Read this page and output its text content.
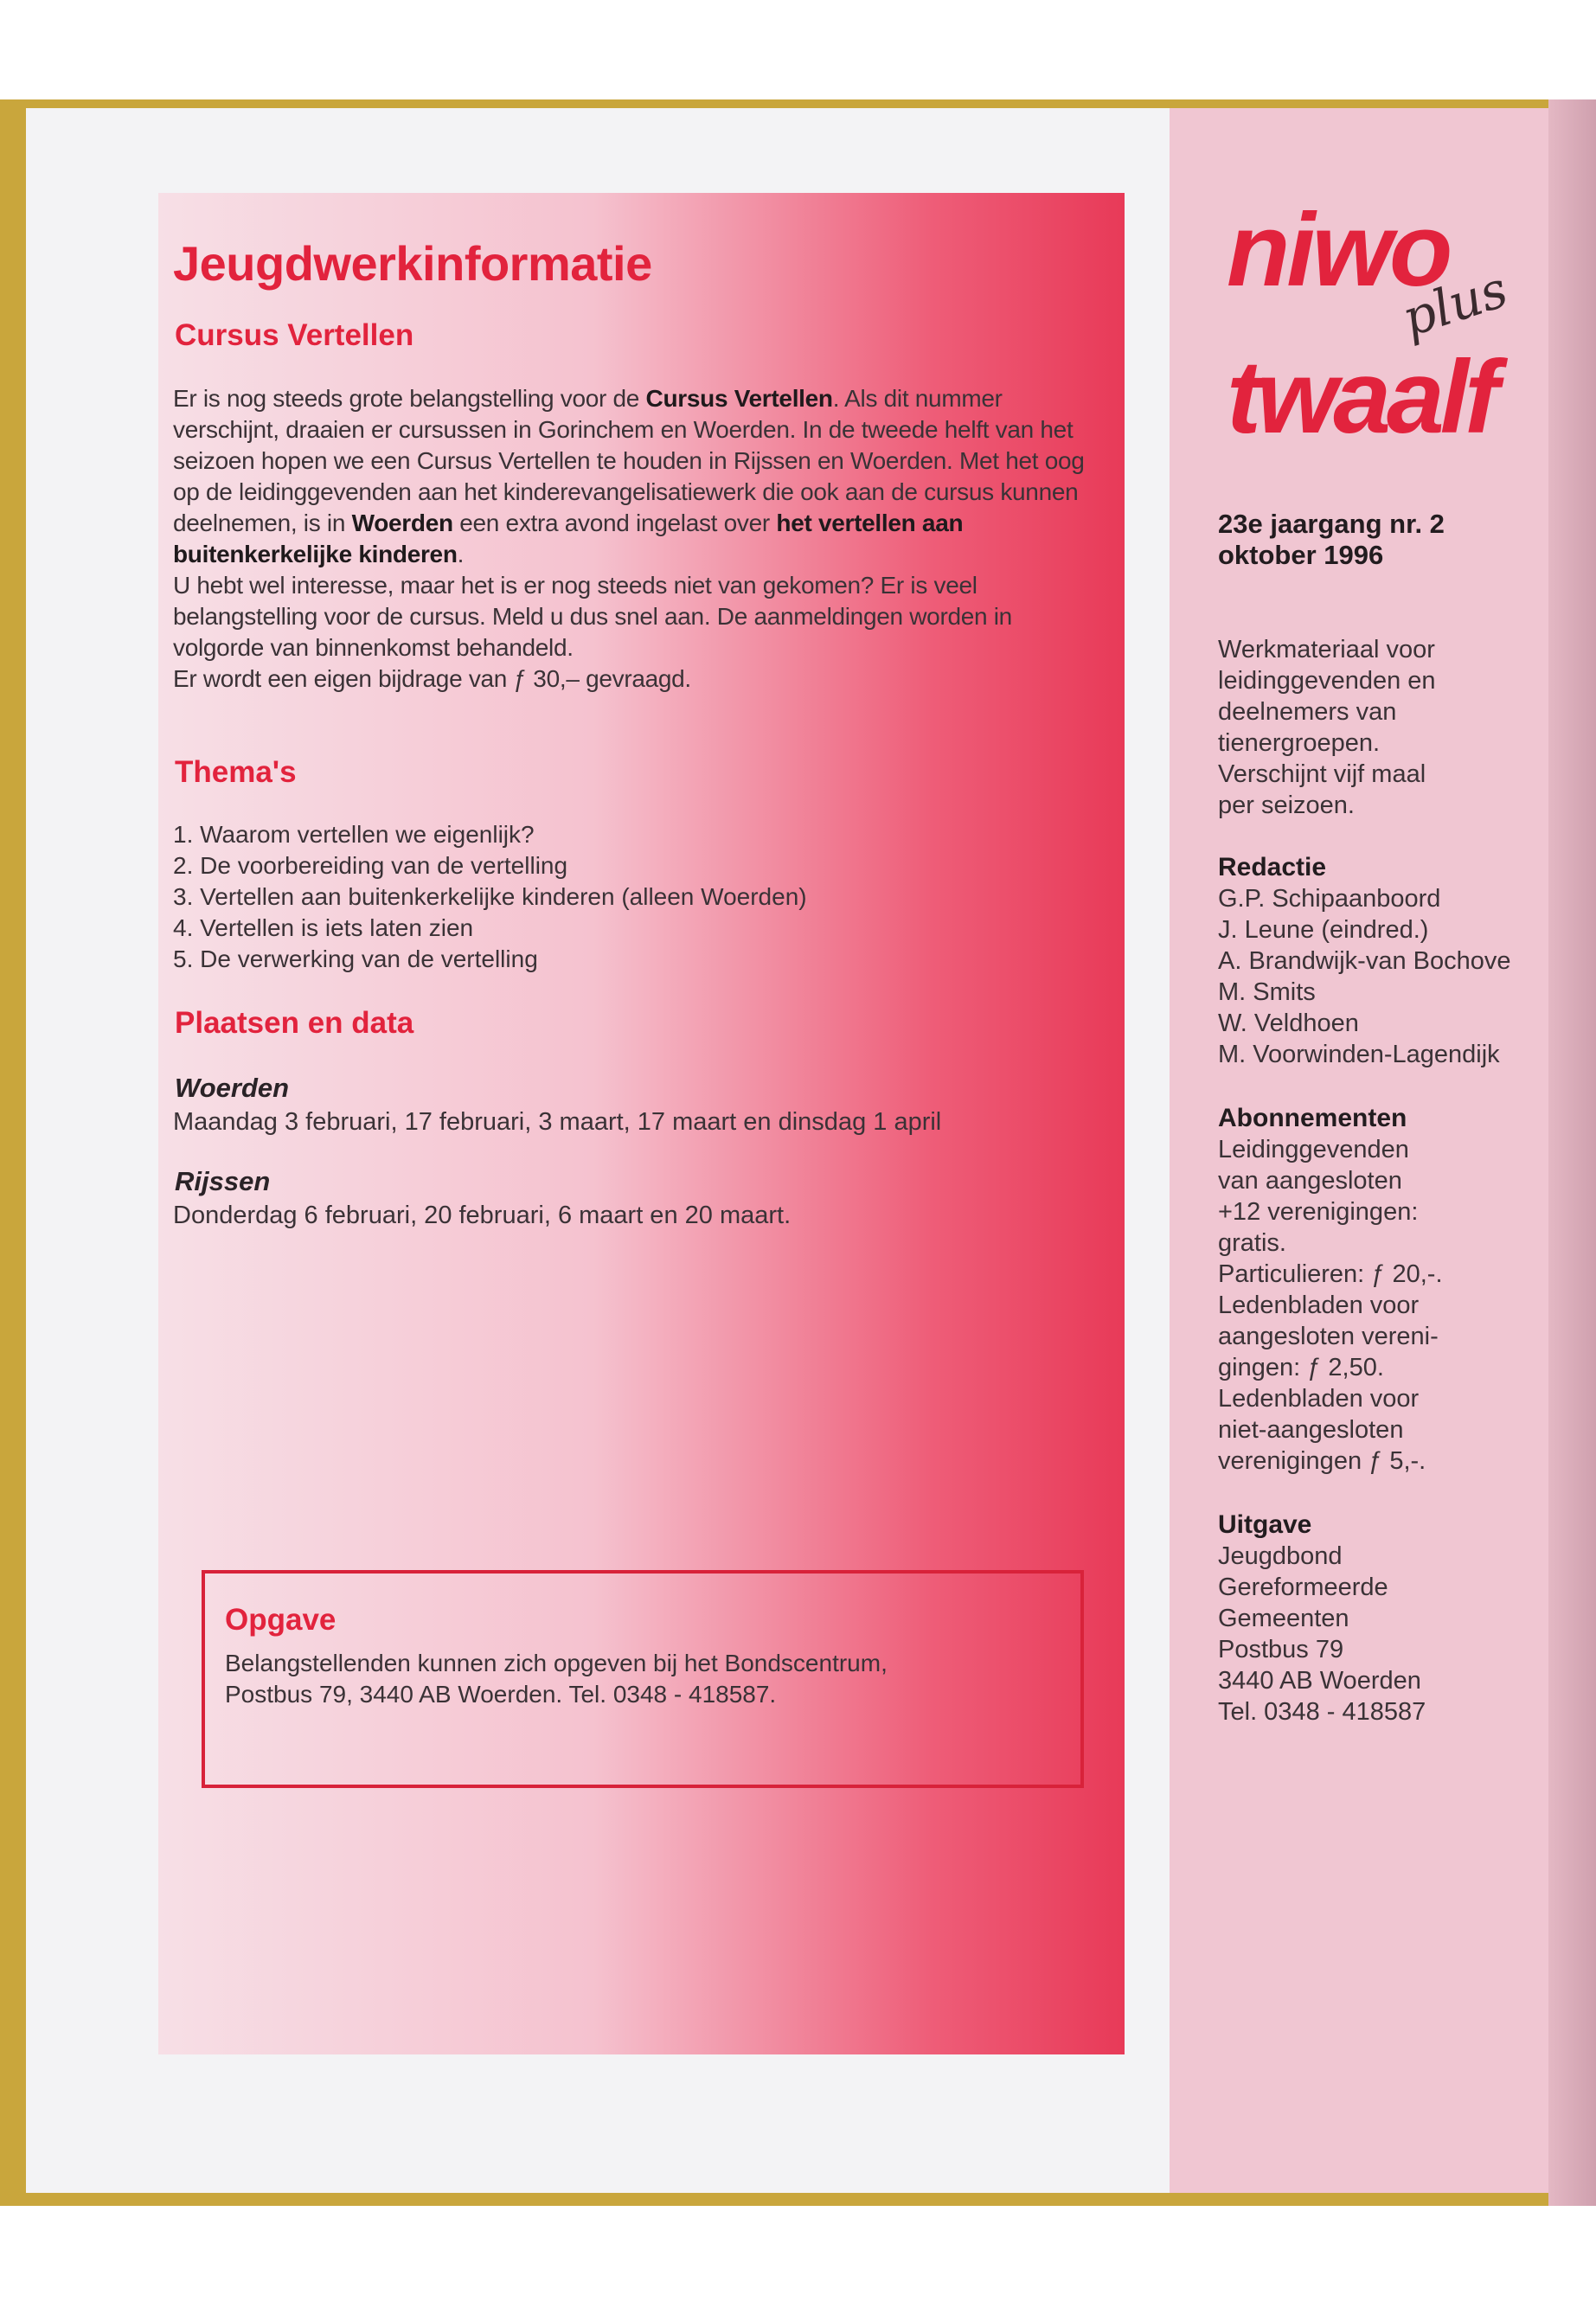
Jeugdwerkinformatie
Cursus Vertellen

Er is nog steeds grote belangstelling voor de Cursus Vertellen. Als dit nummer verschijnt, draaien er cursussen in Gorinchem en Woerden. In de tweede helft van het seizoen hopen we een Cursus Vertellen te houden in Rijssen en Woerden. Met het oog op de leidinggevenden aan het kinderevangelisatiewerk die ook aan de cursus kunnen deelnemen, is in Woerden een extra avond ingelast over het vertellen aan buitenkerkelijke kinderen.

U hebt wel interesse, maar het is er nog steeds niet van gekomen? Er is veel belangstelling voor de cursus. Meld u dus snel aan. De aanmeldingen worden in volgorde van binnenkomst behandeld.

Er wordt een eigen bijdrage van ƒ 30,– gevraagd.

Thema's
1. Waarom vertellen we eigenlijk?
2. De voorbereiding van de vertelling
3. Vertellen aan buitenkerkelijke kinderen (alleen Woerden)
4. Vertellen is iets laten zien
5. De verwerking van de vertelling
Plaatsen en data

Woerden

Maandag 3 februari, 17 februari, 3 maart, 17 maart en dinsdag 1 april

Rijssen

Donderdag 6 februari, 20 februari, 6 maart en 20 maart.

Opgave

Belangstellenden kunnen zich opgeven bij het Bondscentrum,
Postbus 79, 3440 AB Woerden. Tel. 0348 - 418587.

niwo
plus
twaalf
23e jaargang nr. 2
oktober 1996

Werkmateriaal voor
leidinggevenden en
deelnemers van
tienergroepen.
Verschijnt vijf maal
per seizoen.

Redactie
G.P. Schipaanboord
J. Leune (eindred.)
A. Brandwijk-van Bochove
M. Smits
W. Veldhoen
M. Voorwinden-Lagendijk

Abonnementen
Leidinggevenden
van aangesloten
+12 verenigingen:
gratis.
Particulieren: ƒ 20,-.
Ledenbladen voor
aangesloten vereni-
gingen: ƒ 2,50.
Ledenbladen voor
niet-aangesloten
verenigingen ƒ 5,-.

Uitgave
Jeugdbond
Gereformeerde
Gemeenten
Postbus 79
3440 AB Woerden
Tel. 0348 - 418587
